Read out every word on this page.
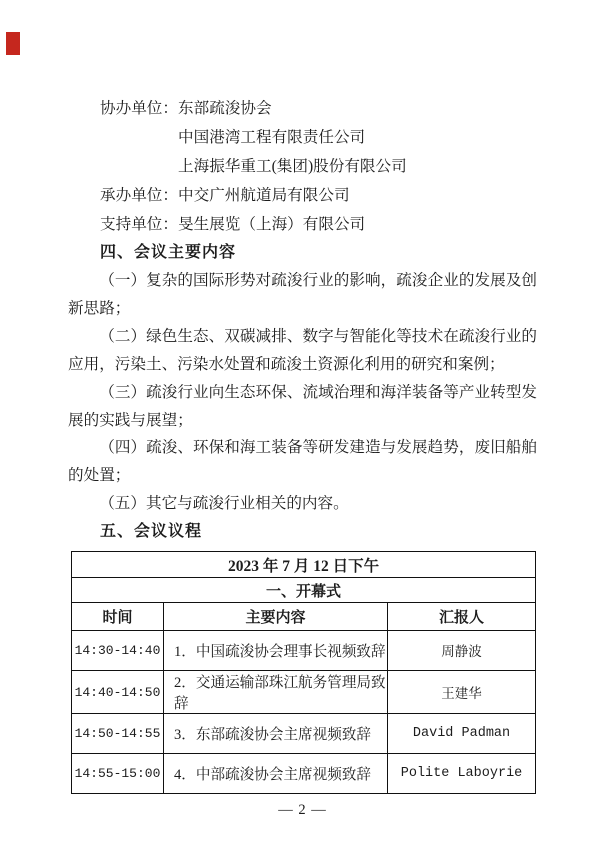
协办单位： 东部疏浚协会
中国港湾工程有限责任公司
上海振华重工(集团)股份有限公司
承办单位： 中交广州航道局有限公司
支持单位： 旻生展览（上海）有限公司

四、会议主要内容

（一）复杂的国际形势对疏浚行业的影响，疏浚企业的发展及创新思路；

（二）绿色生态、双碳减排、数字与智能化等技术在疏浚行业的应用，污染土、污染水处置和疏浚土资源化利用的研究和案例；

（三）疏浚行业向生态环保、流域治理和海洋装备等产业转型发展的实践与展望；

（四）疏浚、环保和海工装备等研发建造与发展趋势，废旧船舶的处置；

（五）其它与疏浚行业相关的内容。

五、会议议程

2023 年 7 月 12 日下午		
一、开幕式		
时间	主要内容	汇报人
14:30-14:40	1．中国疏浚协会理事长视频致辞	周静波
14:40-14:50	2．交通运输部珠江航务管理局致辞	王建华
14:50-14:55	3．东部疏浚协会主席视频致辞	David Padman
14:55-15:00	4．中部疏浚协会主席视频致辞	Polite Laboyrie
— 2 —
